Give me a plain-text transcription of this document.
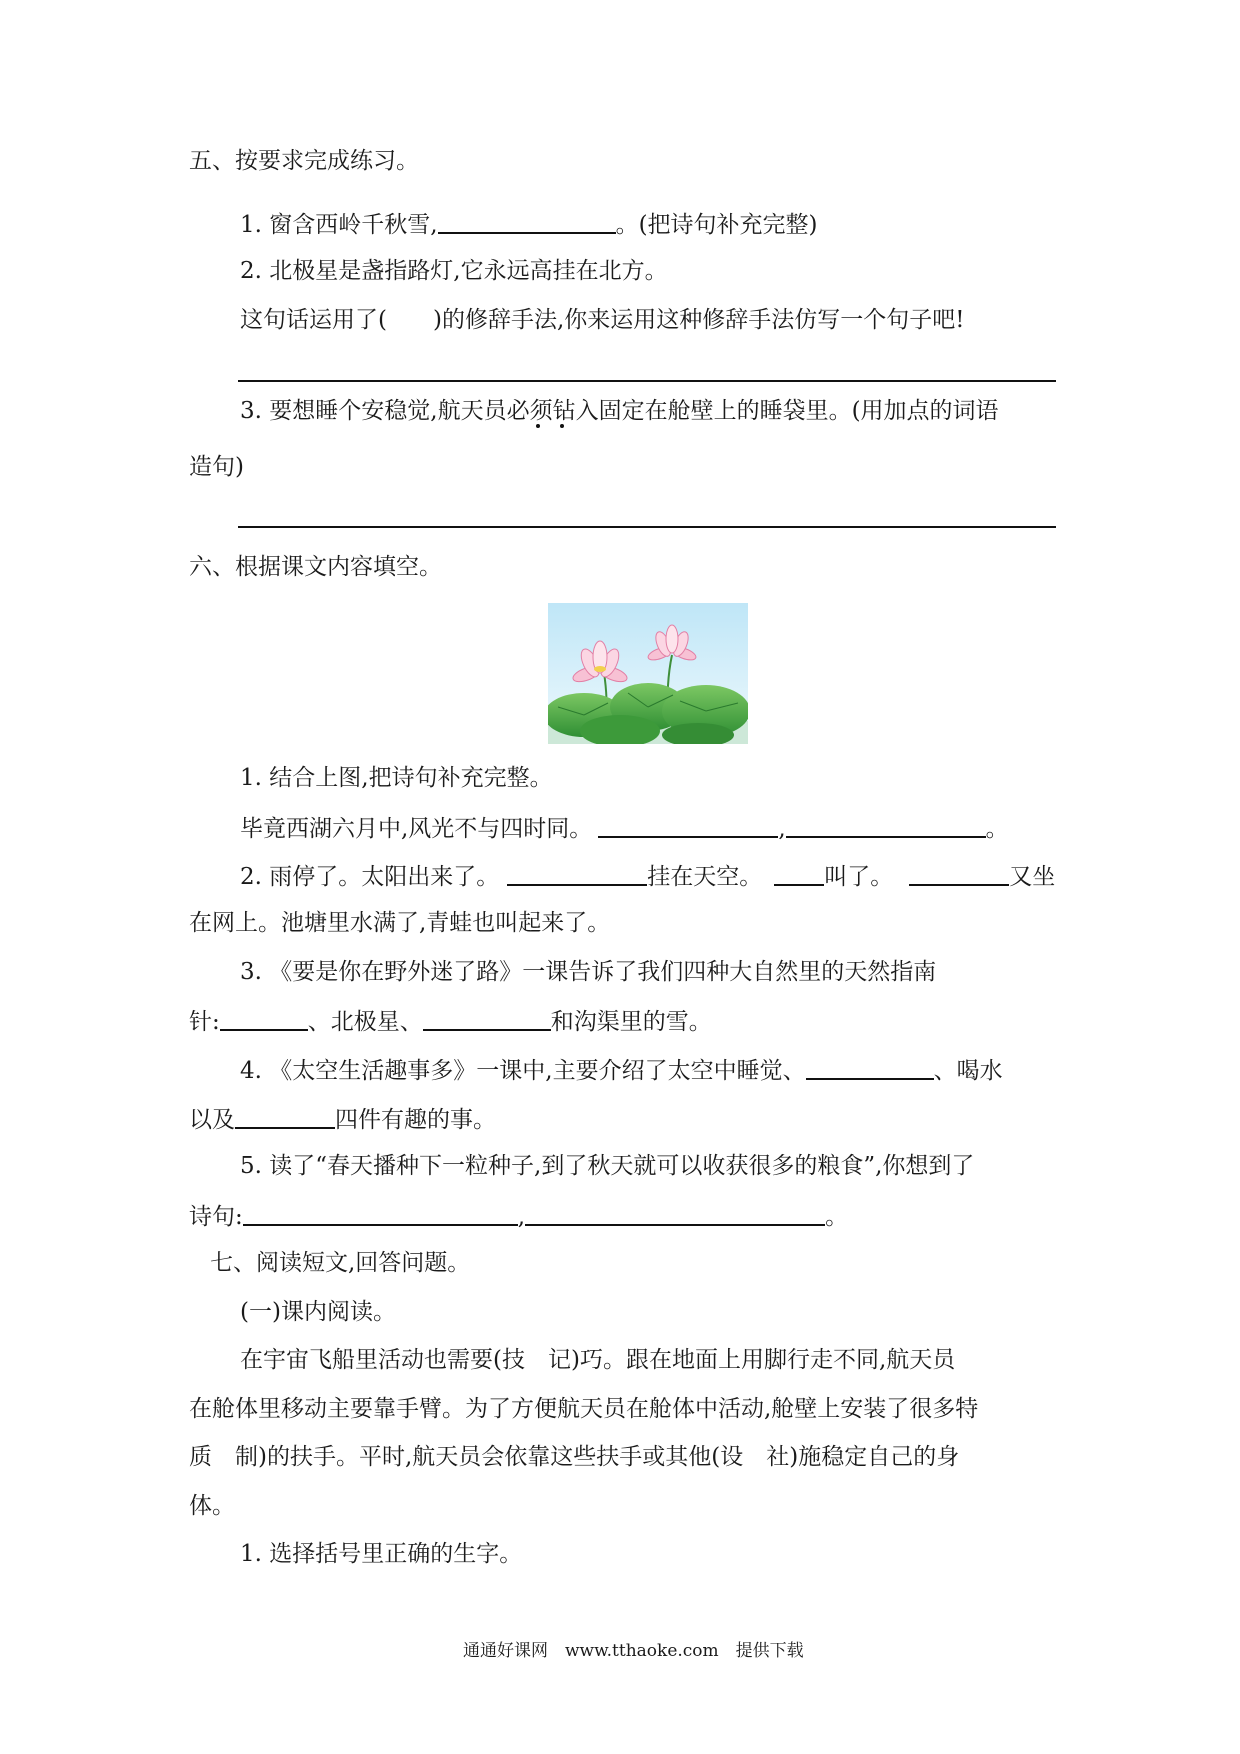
五、按要求完成练习。
1. 窗含西岭千秋雪,	。(把诗句补充完整)
2. 北极星是盏指路灯,它永远高挂在北方。
这句话运用了(　　)的修辞手法,你来运用这种修辞手法仿写一个句子吧!
3. 要想睡个安稳觉,航天员必须钻入固定在舱壁上的睡袋里。(用加点的词语
造句)
六、根据课文内容填空。
1. 结合上图,把诗句补充完整。
毕竟西湖六月中,风光不与四时同。	,	。
2. 雨停了。太阳出来了。	挂在天空。	叫了。	又坐
在网上。池塘里水满了,青蛙也叫起来了。
3. 《要是你在野外迷了路》一课告诉了我们四种大自然里的天然指南
针:	、北极星、	和沟渠里的雪。
4. 《太空生活趣事多》一课中,主要介绍了太空中睡觉、	、喝水
以及	四件有趣的事。
5. 读了“春天播种下一粒种子,到了秋天就可以收获很多的粮食”,你想到了
诗句:	,	。
七、阅读短文,回答问题。
(一)课内阅读。
在宇宙飞船里活动也需要(技　记)巧。跟在地面上用脚行走不同,航天员
在舱体里移动主要靠手臂。为了方便航天员在舱体中活动,舱壁上安装了很多特
质　制)的扶手。平时,航天员会依靠这些扶手或其他(设　社)施稳定自己的身
体。
1. 选择括号里正确的生字。
通通好课网　www.tthaoke.com　提供下载
